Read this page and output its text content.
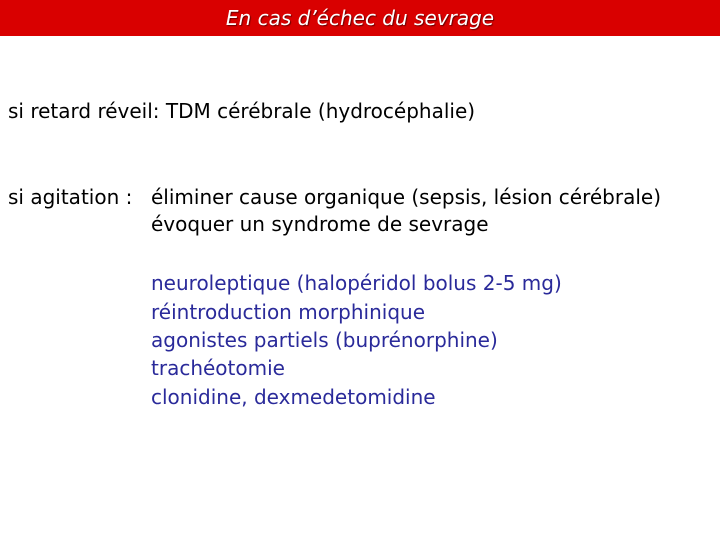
En cas d’échec du sevrage
si retard réveil: TDM cérébrale (hydrocéphalie)
si agitation : éliminer cause organique (sepsis, lésion cérébrale)
évoquer un syndrome de sevrage
neuroleptique (halopéridol bolus 2-5 mg)
réintroduction morphinique
agonistes partiels (buprénorphine)
trachéotomie
clonidine, dexmedetomidine
